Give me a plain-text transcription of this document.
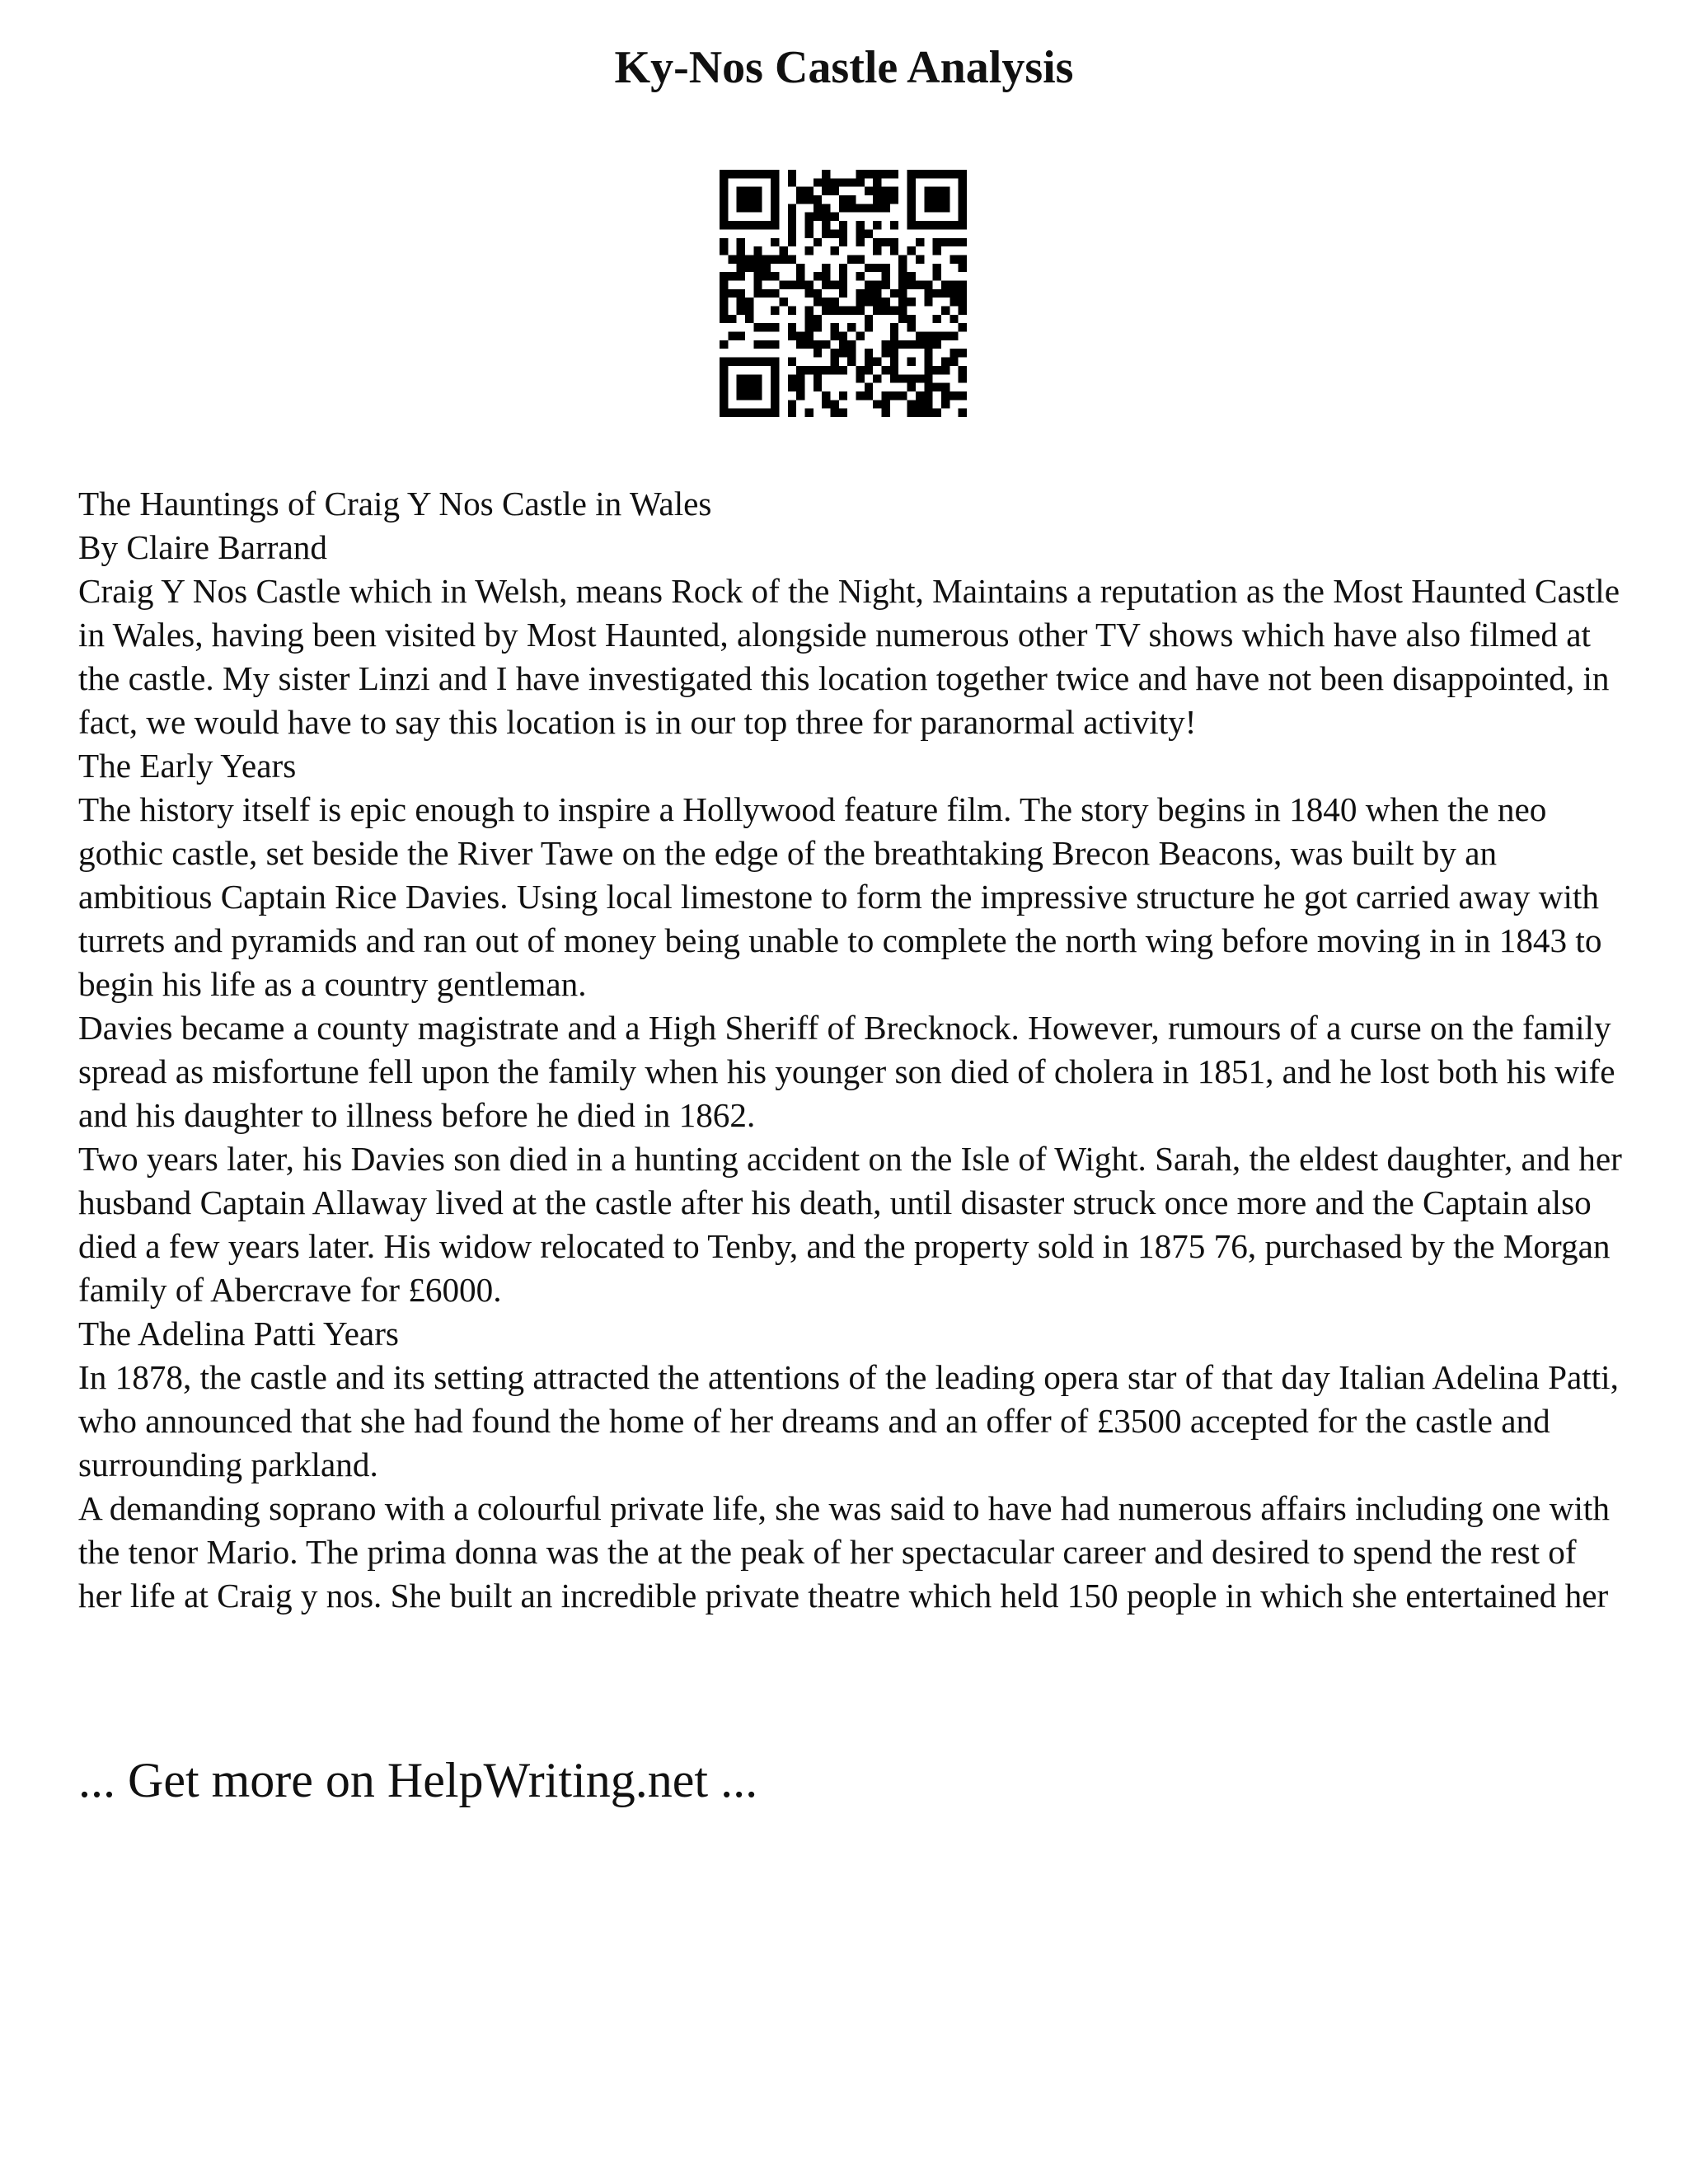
Ky-Nos Castle Analysis

The Hauntings of Craig Y Nos Castle in Wales

By Claire Barrand

Craig Y Nos Castle which in Welsh, means Rock of the Night, Maintains a reputation as the Most Haunted Castle in Wales, having been visited by Most Haunted, alongside numerous other TV shows which have also filmed at the castle. My sister Linzi and I have investigated this location together twice and have not been disappointed, in fact, we would have to say this location is in our top three for paranormal activity!

The Early Years

The history itself is epic enough to inspire a Hollywood feature film. The story begins in 1840 when the neo gothic castle, set beside the River Tawe on the edge of the breathtaking Brecon Beacons, was built by an ambitious Captain Rice Davies. Using local limestone to form the impressive structure he got carried away with turrets and pyramids and ran out of money being unable to complete the north wing before moving in in 1843 to begin his life as a country gentleman.

Davies became a county magistrate and a High Sheriff of Brecknock. However, rumours of a curse on the family spread as misfortune fell upon the family when his younger son died of cholera in 1851, and he lost both his wife and his daughter to illness before he died in 1862.

Two years later, his Davies son died in a hunting accident on the Isle of Wight. Sarah, the eldest daughter, and her husband Captain Allaway lived at the castle after his death, until disaster struck once more and the Captain also died a few years later. His widow relocated to Tenby, and the property sold in 1875 76, purchased by the Morgan family of Abercrave for £6000.

The Adelina Patti Years

In 1878, the castle and its setting attracted the attentions of the leading opera star of that day Italian Adelina Patti, who announced that she had found the home of her dreams and an offer of £3500 accepted for the castle and surrounding parkland.

A demanding soprano with a colourful private life, she was said to have had numerous affairs including one with the tenor Mario. The prima donna was the at the peak of her spectacular career and desired to spend the rest of her life at Craig y nos. She built an incredible private theatre which held 150 people in which she entertained her

... Get more on HelpWriting.net ...
